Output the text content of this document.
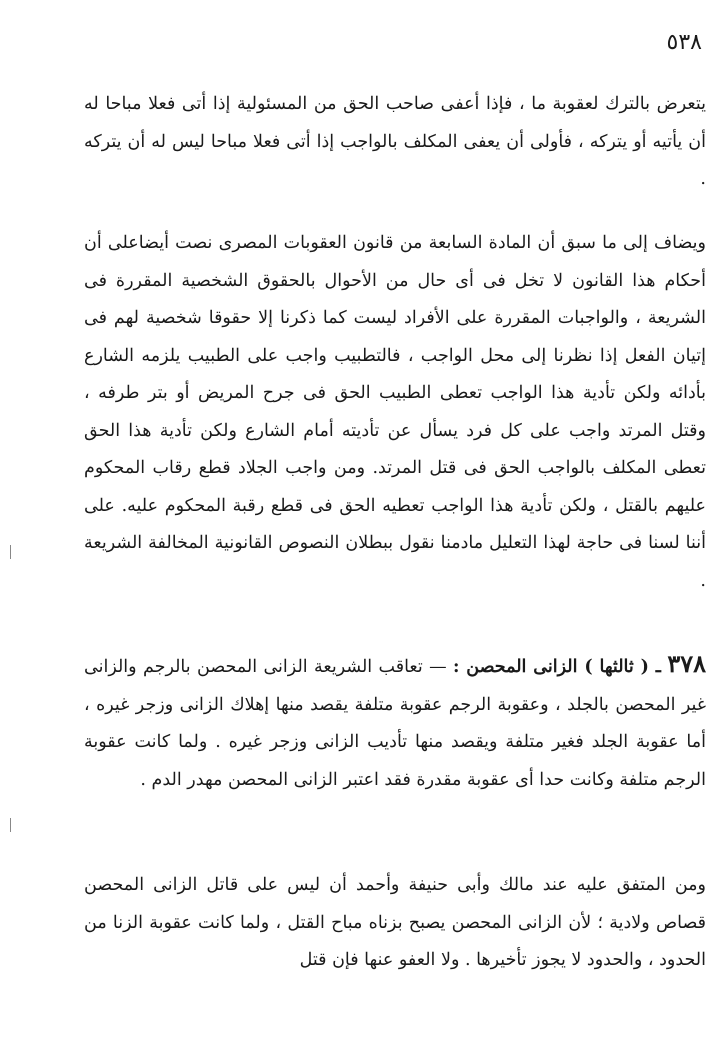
٥٣٨

يتعرض بالترك لعقوبة ما ، فإذا أعفى صاحب الحق من المسئولية إذا أتى فعلا مباحا له أن يأتيه أو يتركه ، فأولى أن يعفى المكلف بالواجب إذا أتى فعلا مباحا ليس له أن يتركه .

ويضاف إلى ما سبق أن المادة السابعة من قانون العقوبات المصرى نصت أيضاعلى أن أحكام هذا القانون لا تخل فى أى حال من الأحوال بالحقوق الشخصية المقررة فى الشريعة ، والواجبات المقررة على الأفراد ليست كما ذكرنا إلا حقوقا شخصية لهم فى إتيان الفعل إذا نظرنا إلى محل الواجب ، فالتطبيب واجب على الطبيب يلزمه الشارع بأدائه ولكن تأدية هذا الواجب تعطى الطبيب الحق فى جرح المريض أو بتر طرفه ، وقتل المرتد واجب على كل فرد يسأل عن تأديته أمام الشارع ولكن تأدية هذا الحق تعطى المكلف بالواجب الحق فى قتل المرتد. ومن واجب الجلاد قطع رقاب المحكوم عليهم بالقتل ، ولكن تأدية هذا الواجب تعطيه الحق فى قطع رقبة المحكوم عليه. على أننا لسنا فى حاجة لهذا التعليل مادمنا نقول ببطلان النصوص القانونية المخالفة الشريعة .

٣٧٨ ـ ( ثالثها ) الزانى المحصن : — تعاقب الشريعة الزانى المحصن بالرجم والزانى غير المحصن بالجلد ، وعقوبة الرجم عقوبة متلفة يقصد منها إهلاك الزانى وزجر غيره ، أما عقوبة الجلد فغير متلفة ويقصد منها تأديب الزانى وزجر غيره . ولما كانت عقوبة الرجم متلفة وكانت حدا أى عقوبة مقدرة فقد اعتبر الزانى المحصن مهدر الدم .

ومن المتفق عليه عند مالك وأبى حنيفة وأحمد أن ليس على قاتل الزانى المحصن قصاص ولادية ؛ لأن الزانى المحصن يصبح بزناه مباح القتل ، ولما كانت عقوبة الزنا من الحدود ، والحدود لا يجوز تأخيرها . ولا العفو عنها فإن قتل
